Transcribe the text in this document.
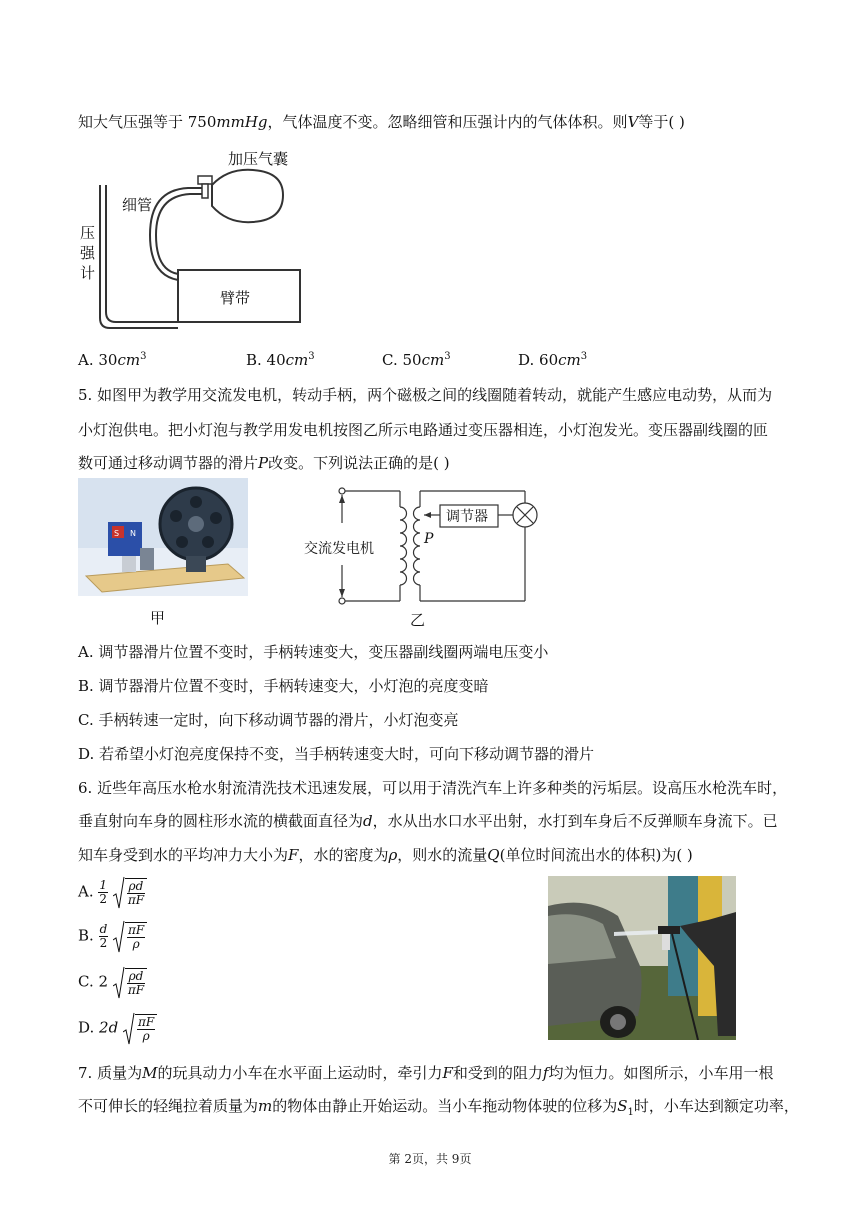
知大气压强等于 750mmHg，气体温度不变。忽略细管和压强计内的气体体积。则V等于( )
加压气囊
细管
压
强
计
臂带
A. $30cm^3$	B. $40cm^3$	C. $50cm^3$	D. $60cm^3$
5. 如图甲为教学用交流发电机，转动手柄，两个磁极之间的线圈随着转动，就能产生感应电动势，从而为
小灯泡供电。把小灯泡与教学用发电机按图乙所示电路通过变压器相连，小灯泡发光。变压器副线圈的匝
数可通过移动调节器的滑片P改变。下列说法正确的是( )
S N
甲
调节器
P
交流发电机
乙
A. 调节器滑片位置不变时，手柄转速变大，变压器副线圈两端电压变小
B. 调节器滑片位置不变时，手柄转速变大，小灯泡的亮度变暗
C. 手柄转速一定时，向下移动调节器的滑片，小灯泡变亮
D. 若希望小灯泡亮度保持不变，当手柄转速变大时，可向下移动调节器的滑片
6. 近些年高压水枪水射流清洗技术迅速发展，可以用于清洗汽车上许多种类的污垢层。设高压水枪洗车时，
垂直射向车身的圆柱形水流的横截面直径为d，水从出水口水平出射，水打到车身后不反弹顺车身流下。已
知车身受到水的平均冲力大小为F，水的密度为ρ，则水的流量Q(单位时间流出水的体积)为( )
A. $\frac{1}{2}$
$\frac{\rho d}{\pi F}$
B. $\frac{d}{2}$
$\frac{\pi F}{\rho}$
C. $2 \frac{\rho d}{\pi F}$
D. $2d \frac{\pi F}{\rho}$
7. 质量为M的玩具动力小车在水平面上运动时，牵引力F和受到的阻力f均为恒力。如图所示，小车用一根
不可伸长的轻绳拉着质量为m的物体由静止开始运动。当小车拖动物体驶的位移为$S_1$时，小车达到额定功率，
第 2页，共 9页
